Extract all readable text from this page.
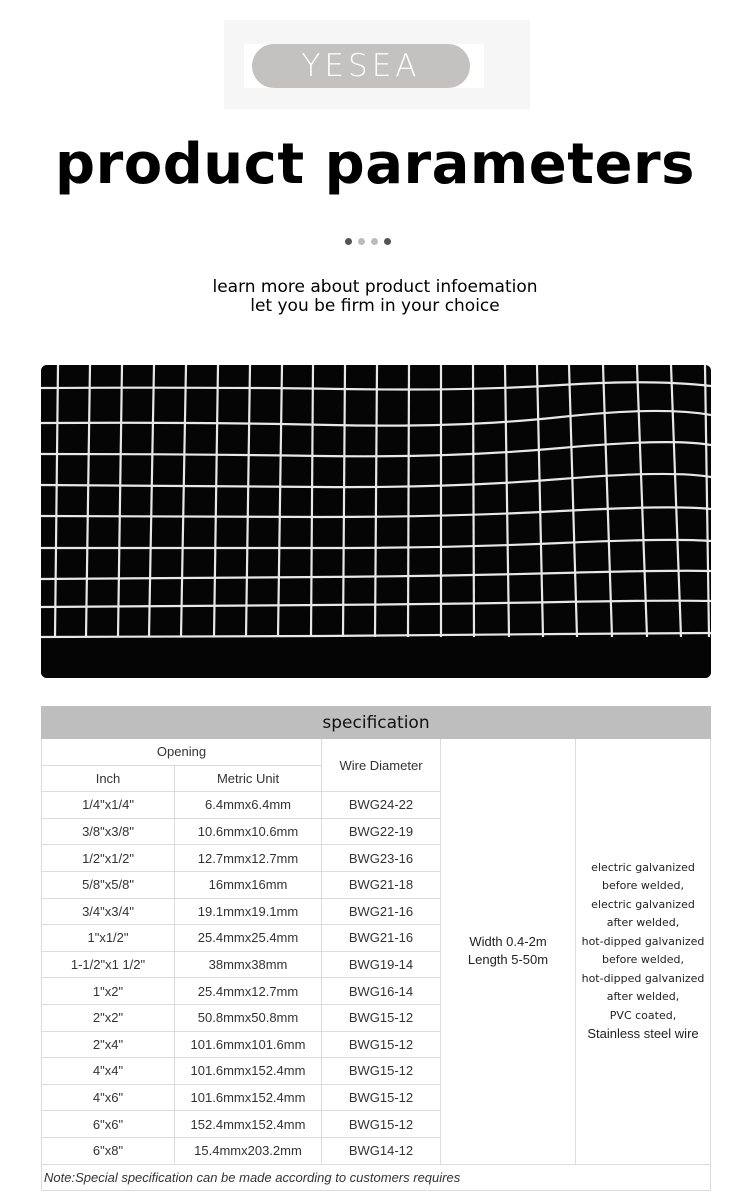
YESEA
product parameters
learn more about product infoemation
let you be firm in your choice
specification				
Opening	Wire Diameter	
Width 0.4-2m
Length 5-50m

electric galvanized before welded,
electric galvanized after welded,
hot-dipped galvanized before welded,
hot-dipped galvanized after welded,
PVC coated,
Stainless steel wire

Inch	Metric Unit			
1/4"x1/4"	6.4mmx6.4mm	BWG24-22		
3/8"x3/8"	10.6mmx10.6mm	BWG22-19		
1/2"x1/2"	12.7mmx12.7mm	BWG23-16		
5/8"x5/8"	16mmx16mm	BWG21-18		
3/4"x3/4"	19.1mmx19.1mm	BWG21-16		
1"x1/2"	25.4mmx25.4mm	BWG21-16		
1-1/2"x1 1/2"	38mmx38mm	BWG19-14		
1"x2"	25.4mmx12.7mm	BWG16-14		
2"x2"	50.8mmx50.8mm	BWG15-12		
2"x4"	101.6mmx101.6mm	BWG15-12		
4"x4"	101.6mmx152.4mm	BWG15-12		
4"x6"	101.6mmx152.4mm	BWG15-12		
6"x6"	152.4mmx152.4mm	BWG15-12		
6"x8"	15.4mmx203.2mm	BWG14-12		
Note:Special specification can be made according to customers requires				
